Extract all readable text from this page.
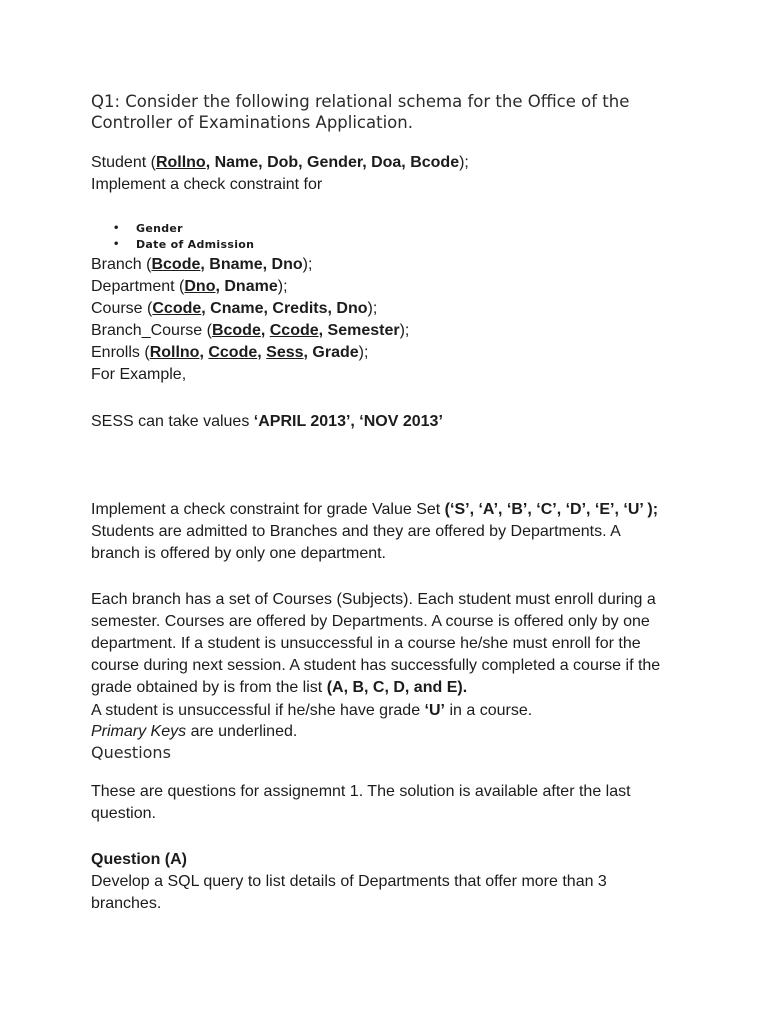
Q1: Consider the following relational schema for the Office of the
Controller of Examinations Application.
Student (Rollno, Name, Dob, Gender, Doa, Bcode);
Implement a check constraint for
• Gender
• Date of Admission
Branch (Bcode, Bname, Dno);
Department (Dno, Dname);
Course (Ccode, Cname, Credits, Dno);
Branch_Course (Bcode, Ccode, Semester);
Enrolls (Rollno, Ccode, Sess, Grade);
For Example,
SESS can take values ‘APRIL 2013’, ‘NOV 2013’
Implement a check constraint for grade Value Set (‘S’, ‘A’, ‘B’, ‘C’, ‘D’, ‘E’, ‘U’ );
Students are admitted to Branches and they are offered by Departments. A
branch is offered by only one department.
Each branch has a set of Courses (Subjects). Each student must enroll during a
semester. Courses are offered by Departments. A course is offered only by one
department. If a student is unsuccessful in a course he/she must enroll for the
course during next session. A student has successfully completed a course if the
grade obtained by is from the list (A, B, C, D, and E).
A student is unsuccessful if he/she have grade ‘U’ in a course.
Primary Keys are underlined.
Questions
These are questions for assignemnt 1. The solution is available after the last
question.
Question (A)
Develop a SQL query to list details of Departments that offer more than 3
branches.
